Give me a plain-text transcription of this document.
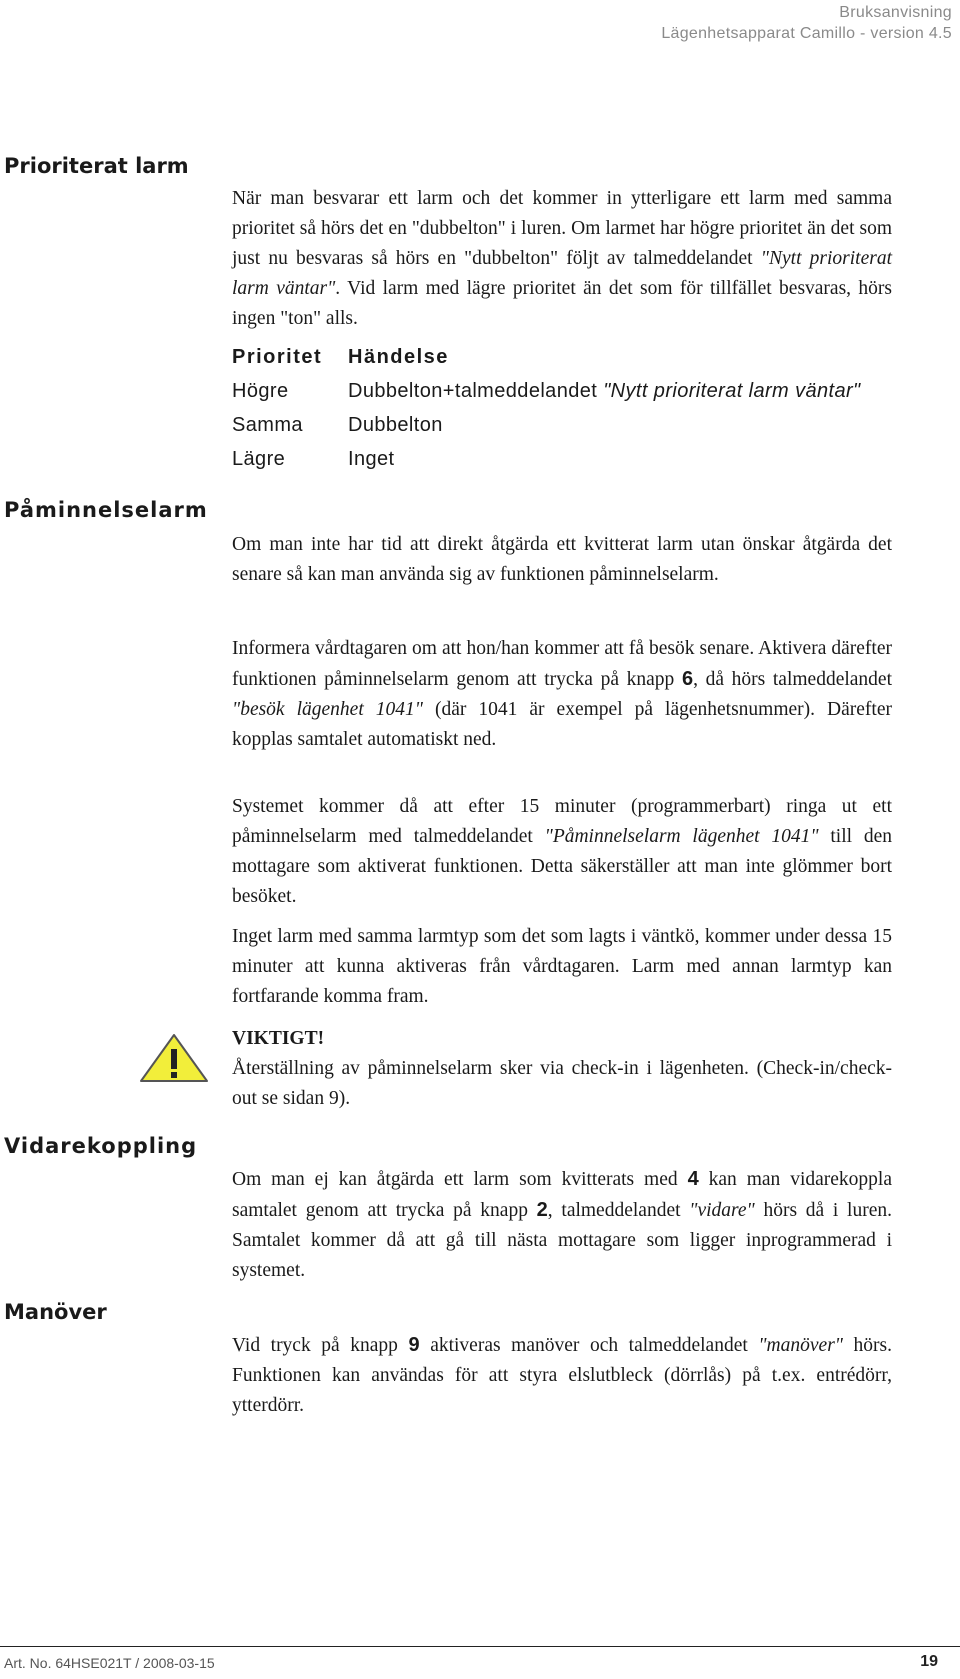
Bruksanvisning
Lägenhetsapparat Camillo - version 4.5
Prioriterat larm

När man besvarar ett larm och det kommer in ytterligare ett larm med samma prioritet så hörs det en "dubbelton" i luren. Om larmet har högre prioritet än det som just nu besvaras så hörs en "dubbelton" följt av talmeddelandet "Nytt prioriterat larm väntar". Vid larm med lägre prioritet än det som för tillfället besvaras, hörs ingen "ton" alls.

Prioritet	Händelse
Högre	Dubbelton+talmeddelandet "Nytt prioriterat larm väntar"
Samma	Dubbelton
Lägre	Inget
Påminnelselarm

Om man inte har tid att direkt åtgärda ett kvitterat larm utan önskar åtgärda det senare så kan man använda sig av funktionen påminnelselarm.

Informera vårdtagaren om att hon/han kommer att få besök senare. Aktivera därefter funktionen påminnelselarm genom att trycka på knapp 6, då hörs talmeddelandet "besök lägenhet 1041" (där 1041 är exempel på lägenhetsnummer). Därefter kopplas samtalet automatiskt ned.

Systemet kommer då att efter 15 minuter (programmerbart) ringa ut ett påminnelselarm med talmeddelandet "Påminnelselarm lägenhet 1041" till den mottagare som aktiverat funktionen. Detta säkerställer att man inte glömmer bort besöket.

Inget larm med samma larmtyp som det som lagts i väntkö, kommer under dessa 15 minuter att kunna aktiveras från vårdtagaren. Larm med annan larmtyp kan fortfarande komma fram.

VIKTIGT!
Återställning av påminnelselarm sker via check-in i lägenheten. (Check-in/check-out se sidan 9).

Vidarekoppling

Om man ej kan åtgärda ett larm som kvitterats med 4 kan man vidarekoppla samtalet genom att trycka på knapp 2, talmeddelandet "vidare" hörs då i luren. Samtalet kommer då att gå till nästa mottagare som ligger inprogrammerad i systemet.

Manöver

Vid tryck på knapp 9 aktiveras manöver och talmeddelandet "manöver" hörs. Funktionen kan användas för att styra elslutbleck (dörrlås) på t.ex. entrédörr, ytterdörr.

Art. No. 64HSE021T / 2008-03-15	19
